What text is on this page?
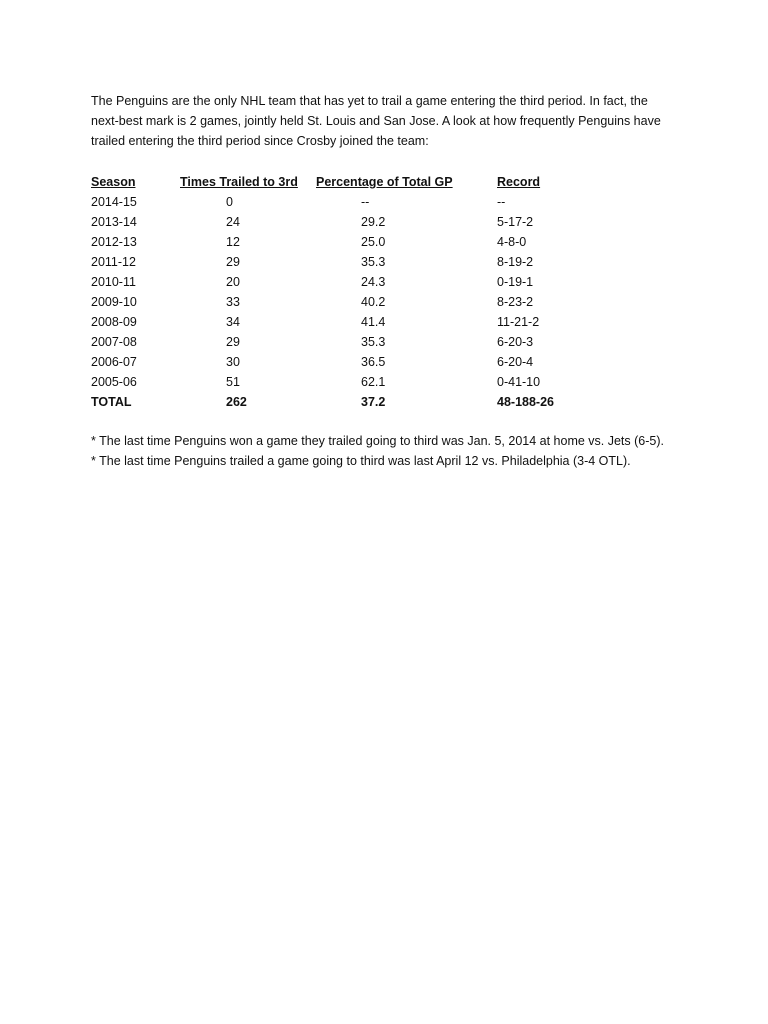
The Penguins are the only NHL team that has yet to trail a game entering the third period. In fact, the
next-best mark is 2 games, jointly held St. Louis and San Jose. A look at how frequently Penguins have
trailed entering the third period since Crosby joined the team:

Season	Times Trailed to 3rd	Percentage of Total GP	Record
2014-15	0	--	--
2013-14	24	29.2	5-17-2
2012-13	12	25.0	4-8-0
2011-12	29	35.3	8-19-2
2010-11	20	24.3	0-19-1
2009-10	33	40.2	8-23-2
2008-09	34	41.4	11-21-2
2007-08	29	35.3	6-20-3
2006-07	30	36.5	6-20-4
2005-06	51	62.1	0-41-10
TOTAL	262	37.2	48-188-26
* The last time Penguins won a game they trailed going to third was Jan. 5, 2014 at home vs. Jets (6-5).
* The last time Penguins trailed a game going to third was last April 12 vs. Philadelphia (3-4 OTL).
